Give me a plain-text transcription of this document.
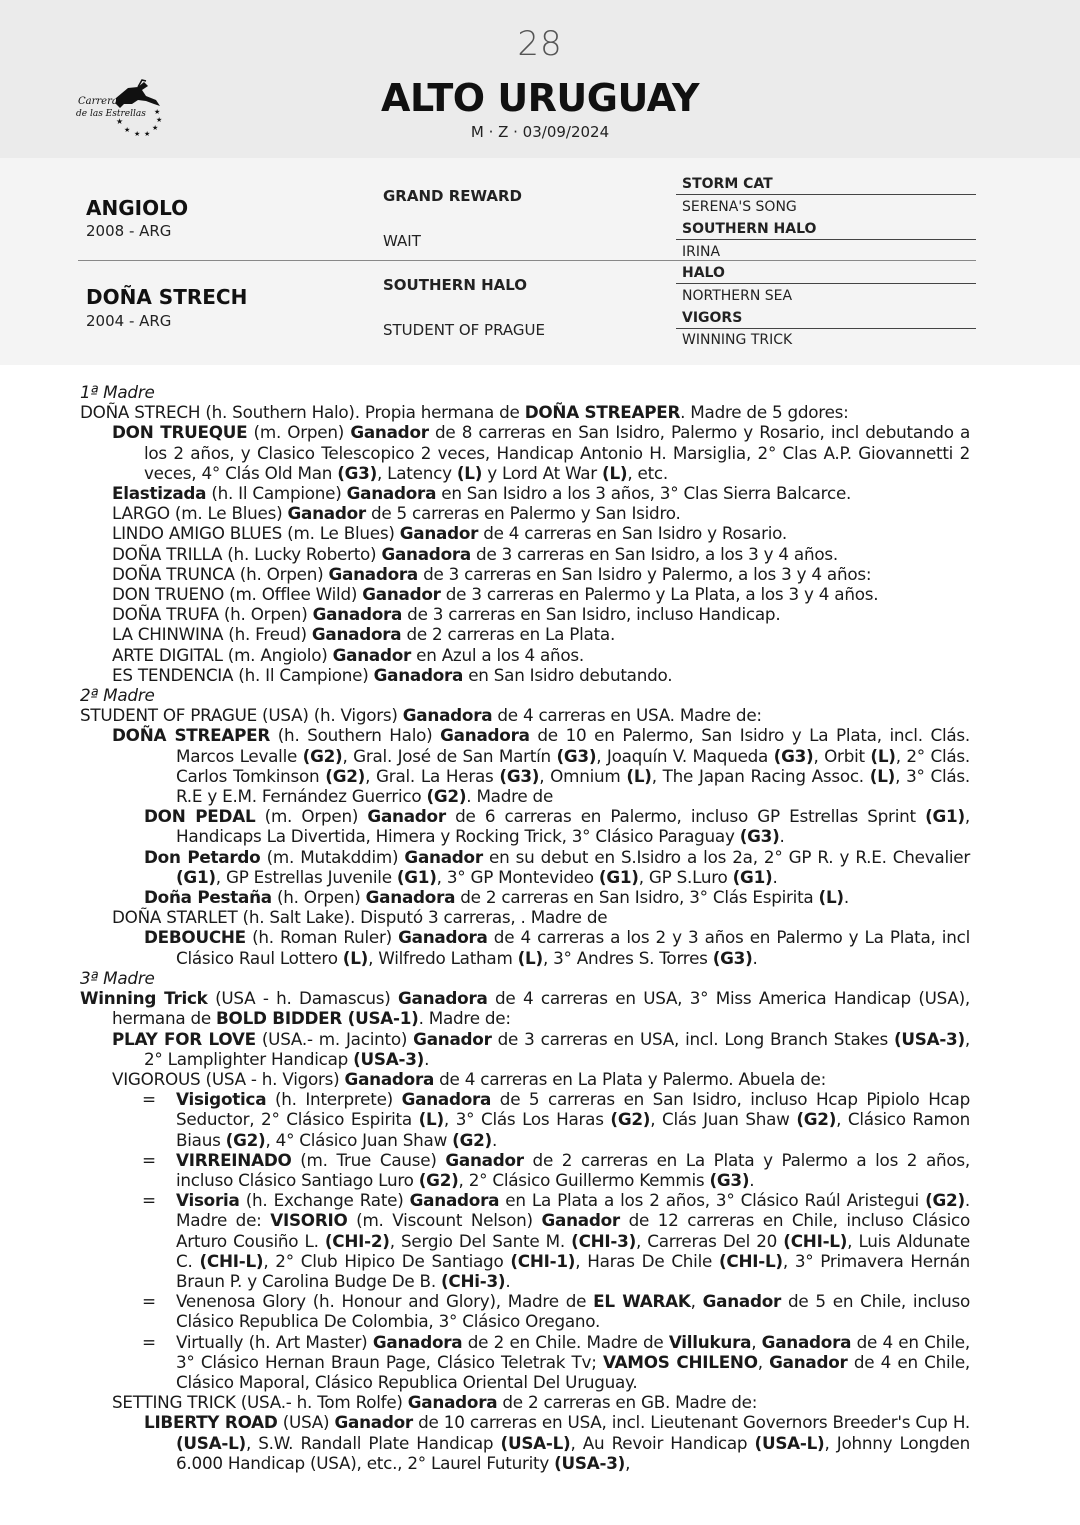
28
ALTO URUGUAY
M · Z · 03/09/2024
Carreras
de las Estrellas
★
★ ★ ★
★
★
★
ANGIOLO
2008 - ARG
DOÑA STRECH
2004 - ARG
GRAND REWARD
WAIT
SOUTHERN HALO
STUDENT OF PRAGUE
STORM CAT
SERENA'S SONG
SOUTHERN HALO
IRINA
HALO
NORTHERN SEA
VIGORS
WINNING TRICK
1ª Madre
DOÑA STRECH (h. Southern Halo). Propia hermana de DOÑA STREAPER. Madre de 5 gdores:
DON TRUEQUE (m. Orpen) Ganador de 8 carreras en San Isidro, Palermo y Rosario, incl debutando a los 2 años, y Clasico Telescopico 2 veces, Handicap Antonio H. Marsiglia, 2° Clas A.P. Giovannetti 2 veces, 4° Clás Old Man (G3), Latency (L) y Lord At War (L), etc.
Elastizada (h. Il Campione) Ganadora en San Isidro a los 3 años, 3° Clas Sierra Balcarce.
LARGO (m. Le Blues) Ganador de 5 carreras en Palermo y San Isidro.
LINDO AMIGO BLUES (m. Le Blues) Ganador de 4 carreras en San Isidro y Rosario.
DOÑA TRILLA (h. Lucky Roberto) Ganadora de 3 carreras en San Isidro, a los 3 y 4 años.
DOÑA TRUNCA (h. Orpen) Ganadora de 3 carreras en San Isidro y Palermo, a los 3 y 4 años:
DON TRUENO (m. Offlee Wild) Ganador de 3 carreras en Palermo y La Plata, a los 3 y 4 años.
DOÑA TRUFA (h. Orpen) Ganadora de 3 carreras en San Isidro, incluso Handicap.
LA CHINWINA (h. Freud) Ganadora de 2 carreras en La Plata.
ARTE DIGITAL (m. Angiolo) Ganador en Azul a los 4 años.
ES TENDENCIA (h. Il Campione) Ganadora en San Isidro debutando.
2ª Madre
STUDENT OF PRAGUE (USA) (h. Vigors) Ganadora de 4 carreras en USA. Madre de:
DOÑA STREAPER (h. Southern Halo) Ganadora de 10 en Palermo, San Isidro y La Plata, incl. Clás. Marcos Levalle (G2), Gral. José de San Martín (G3), Joaquín V. Maqueda (G3), Orbit (L), 2° Clás. Carlos Tomkinson (G2), Gral. La Heras (G3), Omnium (L), The Japan Racing Assoc. (L), 3° Clás. R.E y E.M. Fernández Guerrico (G2). Madre de
DON PEDAL (m. Orpen) Ganador de 6 carreras en Palermo, incluso GP Estrellas Sprint (G1), Handicaps La Divertida, Himera y Rocking Trick, 3° Clásico Paraguay (G3).
Don Petardo (m. Mutakddim) Ganador en su debut en S.Isidro a los 2a, 2° GP R. y R.E. Chevalier (G1), GP Estrellas Juvenile (G1), 3° GP Montevideo (G1), GP S.Luro (G1).
Doña Pestaña (h. Orpen) Ganadora de 2 carreras en San Isidro, 3° Clás Espirita (L).
DOÑA STARLET (h. Salt Lake). Disputó 3 carreras, . Madre de
DEBOUCHE (h. Roman Ruler) Ganadora de 4 carreras a los 2 y 3 años en Palermo y La Plata, incl Clásico Raul Lottero (L), Wilfredo Latham (L), 3° Andres S. Torres (G3).
3ª Madre
Winning Trick (USA - h. Damascus) Ganadora de 4 carreras en USA, 3° Miss America Handicap (USA), hermana de BOLD BIDDER (USA-1). Madre de:
PLAY FOR LOVE (USA.- m. Jacinto) Ganador de 3 carreras en USA, incl. Long Branch Stakes (USA-3), 2° Lamplighter Handicap (USA-3).
VIGOROUS (USA - h. Vigors) Ganadora de 4 carreras en La Plata y Palermo. Abuela de:
= Visigotica (h. Interprete) Ganadora de 5 carreras en San Isidro, incluso Hcap Pipiolo Hcap Seductor, 2° Clásico Espirita (L), 3° Clás Los Haras (G2), Clás Juan Shaw (G2), Clásico Ramon Biaus (G2), 4° Clásico Juan Shaw (G2).
= VIRREINADO (m. True Cause) Ganador de 2 carreras en La Plata y Palermo a los 2 años, incluso Clásico Santiago Luro (G2), 2° Clásico Guillermo Kemmis (G3).
= Visoria (h. Exchange Rate) Ganadora en La Plata a los 2 años, 3° Clásico Raúl Aristegui (G2). Madre de: VISORIO (m. Viscount Nelson) Ganador de 12 carreras en Chile, incluso Clásico Arturo Cousiño L. (CHI-2), Sergio Del Sante M. (CHI-3), Carreras Del 20 (CHI-L), Luis Aldunate C. (CHI-L), 2° Club Hipico De Santiago (CHI-1), Haras De Chile (CHI-L), 3° Primavera Hernán Braun P. y Carolina Budge De B. (CHi-3).
= Venenosa Glory (h. Honour and Glory), Madre de EL WARAK, Ganador de 5 en Chile, incluso Clásico Republica De Colombia, 3° Clásico Oregano.
= Virtually (h. Art Master) Ganadora de 2 en Chile. Madre de Villukura, Ganadora de 4 en Chile, 3° Clásico Hernan Braun Page, Clásico Teletrak Tv; VAMOS CHILENO, Ganador de 4 en Chile, Clásico Maporal, Clásico Republica Oriental Del Uruguay.
SETTING TRICK (USA.- h. Tom Rolfe) Ganadora de 2 carreras en GB. Madre de:
LIBERTY ROAD (USA) Ganador de 10 carreras en USA, incl. Lieutenant Governors Breeder's Cup H. (USA-L), S.W. Randall Plate Handicap (USA-L), Au Revoir Handicap (USA-L), Johnny Longden 6.000 Handicap (USA), etc., 2° Laurel Futurity (USA-3),
